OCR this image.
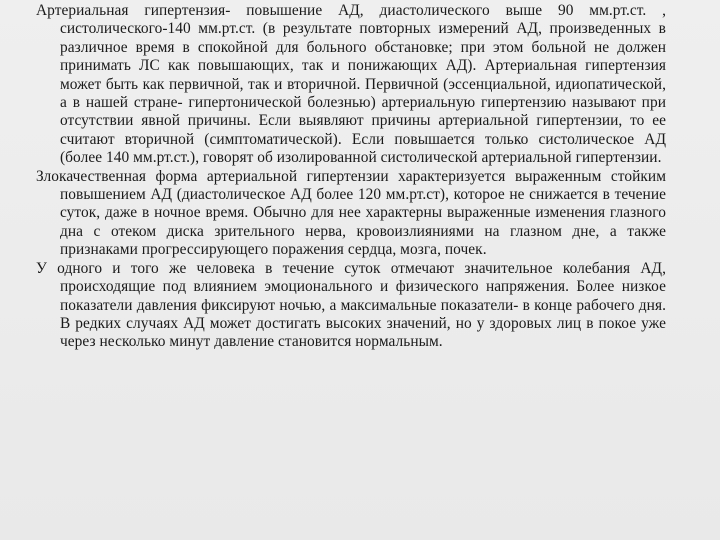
Артериальная гипертензия- повышение АД, диастолического выше 90 мм.рт.ст. , систолического-140 мм.рт.ст. (в результате повторных измерений АД, произведенных в различное время в спокойной для больного обстановке; при этом больной не должен принимать ЛС как повышающих, так и понижающих АД). Артериальная гипертензия может быть как первичной, так и вторичной. Первичной (эссенциальной, идиопатической, а в нашей стране- гипертонической болезнью) артериальную гипертензию называют при отсутствии явной причины. Если выявляют причины артериальной гипертензии, то ее считают вторичной (симптоматической). Если повышается только систолическое АД (более 140 мм.рт.ст.), говорят об изолированной систолической артериальной гипертензии.

Злокачественная форма артериальной гипертензии характеризуется выраженным стойким повышением АД (диастолическое АД более 120 мм.рт.ст), которое не снижается в течение суток, даже в ночное время. Обычно для нее характерны выраженные изменения глазного дна с отеком диска зрительного нерва, кровоизлияниями на глазном дне, а также признаками прогрессирующего поражения сердца, мозга, почек.

У одного и того же человека в течение суток отмечают значительное колебания АД, происходящие под влиянием эмоционального и физического напряжения. Более низкое показатели давления фиксируют ночью, а максимальные показатели- в конце рабочего дня. В редких случаях АД может достигать высоких значений, но у здоровых лиц в покое уже через несколько минут давление становится нормальным.
